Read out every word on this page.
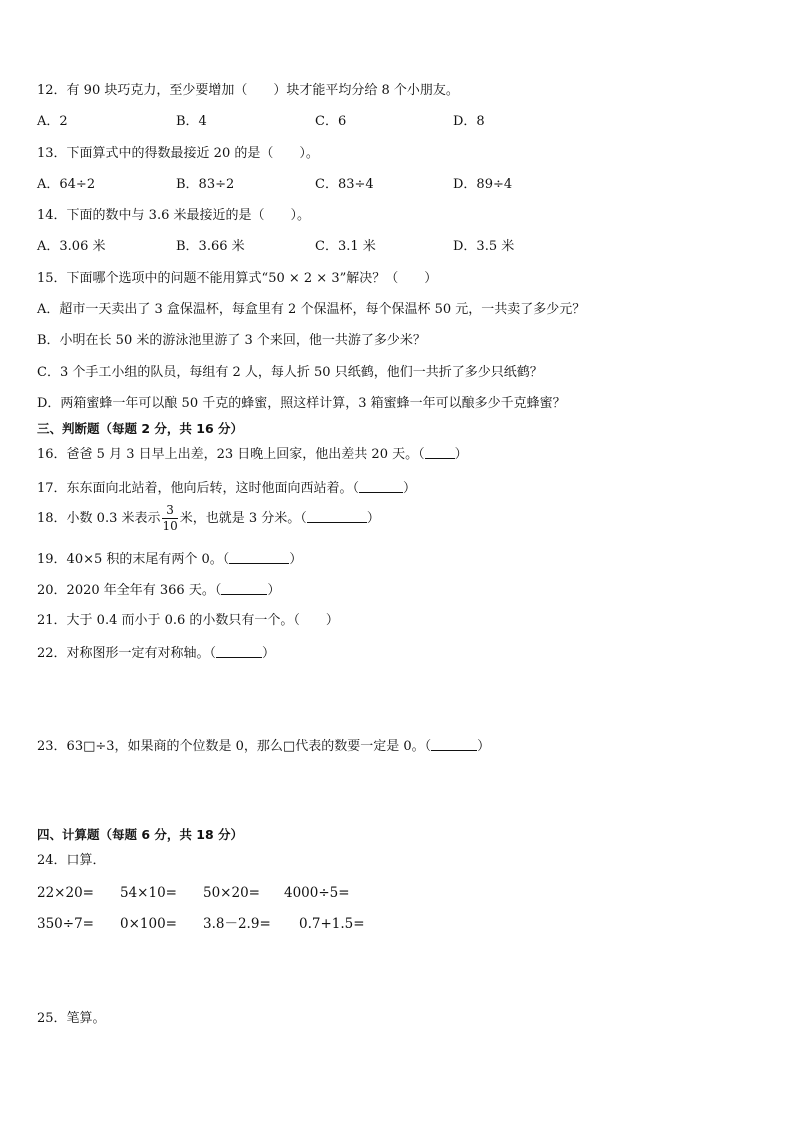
12．有 90 块巧克力，至少要增加（　　）块才能平均分给 8 个小朋友。
A．2	B．4	C．6	D．8
13．下面算式中的得数最接近 20 的是（　　）。
A．64÷2	B．83÷2	C．83÷4	D．89÷4
14．下面的数中与 3.6 米最接近的是（　　）。
A．3.06 米	B．3.66 米	C．3.1 米	D．3.5 米
15．下面哪个选项中的问题不能用算式“50 × 2 × 3”解决？（　　）
A．超市一天卖出了 3 盒保温杯，每盒里有 2 个保温杯，每个保温杯 50 元，一共卖了多少元？
B．小明在长 50 米的游泳池里游了 3 个来回，他一共游了多少米？
C．3 个手工小组的队员，每组有 2 人，每人折 50 只纸鹤，他们一共折了多少只纸鹤？
D．两箱蜜蜂一年可以酿 50 千克的蜂蜜，照这样计算，3 箱蜜蜂一年可以酿多少千克蜂蜜？
三、判断题（每题 2 分，共 16 分）
16．爸爸 5 月 3 日早上出差，23 日晚上回家，他出差共 20 天。（ ）
17．东东面向北站着，他向后转，这时他面向西站着。（	）
18．小数 0.3 米表示 $\frac{3}{10}$ 米，也就是 3 分米。（	）
19．40×5 积的末尾有两个 0。（	）
20．2020 年全年有 366 天。（	）
21．大于 0.4 而小于 0.6 的小数只有一个。（　　）
22．对称图形一定有对称轴。（	）
23．63□÷3，如果商的个位数是 0，那么□代表的数要一定是 0。（	）
四、计算题（每题 6 分，共 18 分）
24．口算．
22×20= 54×10= 50×20= 4000÷5=
350÷7= 0×100= 3.8－2.9= 0.7+1.5=
25．笔算。
